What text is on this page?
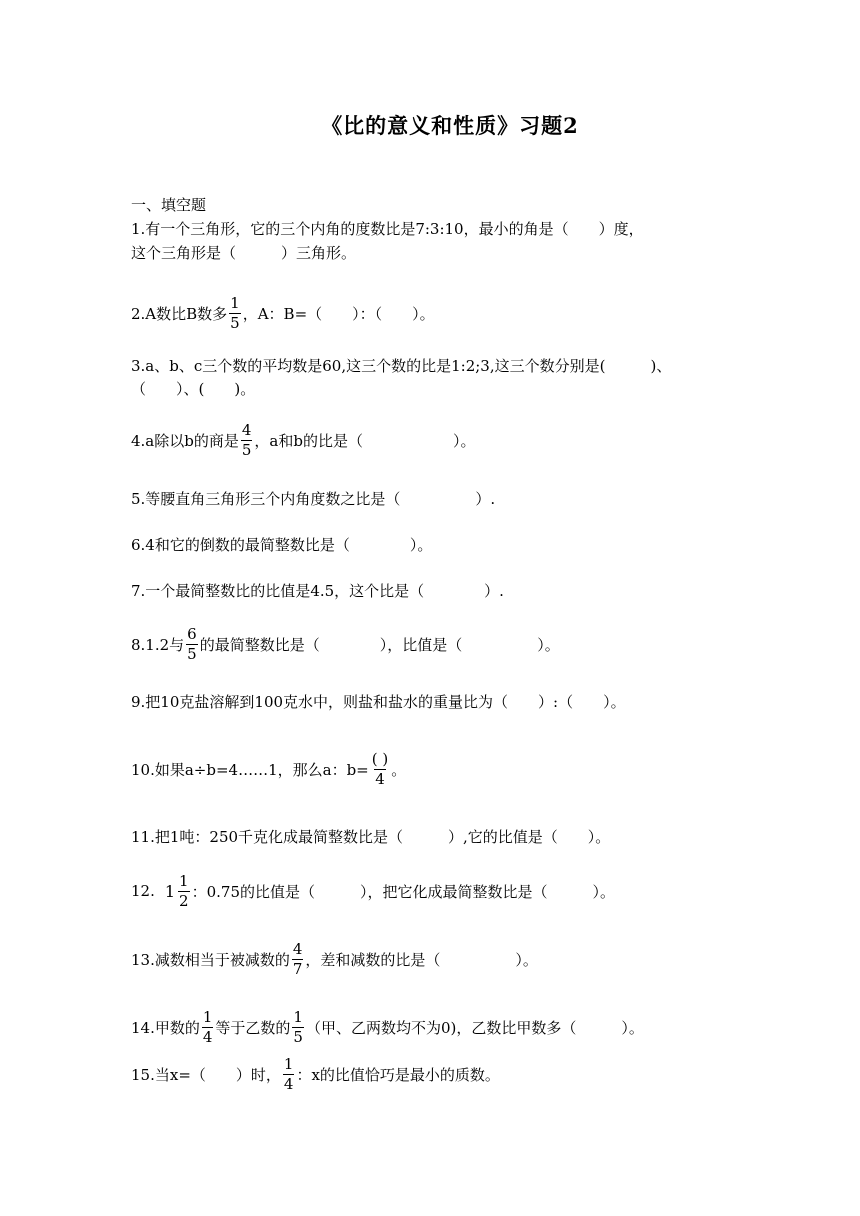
《比的意义和性质》习题2
一、填空题
1.有一个三角形，它的三个内角的度数比是7:3:10，最小的角是（　　）度，
这个三角形是（　　　）三角形。
2.A数比B数多 $\frac{1}{5}$ ，A：B=（　　）：（　　）。
3.a、b、c三个数的平均数是60,这三个数的比是1:2;3,这三个数分别是(　　　)、
（　　）、(　　)。
4.a除以b的商是 $\frac{4}{5}$ ，a和b的比是（　　　　　　）。
5.等腰直角三角形三个内角度数之比是（　　　　　）.
6.4和它的倒数的最简整数比是（　　　　）。
7.一个最简整数比的比值是4.5，这个比是（　　　　）.
8.1.2与 $\frac{6}{5}$ 的最简整数比是（　　　　），比值是（　　　　　）。
9.把10克盐溶解到100克水中，则盐和盐水的重量比为（　　）:（　　）。
10.如果a÷b=4……1，那么a：$b= \frac{( )}{4}$ 。
11.把1吨：250千克化成最简整数比是（　　　）,它的比值是（　　）。
12. $1 \frac{1}{2}$ ：0.75的比值是（　　　），把它化成最简整数比是（　　　）。
13.减数相当于被减数的 $\frac{4}{7}$ ，差和减数的比是（　　　　　）。
14.甲数的 $\frac{1}{4}$ 等于乙数的 $\frac{1}{5}$ （甲、乙两数均不为0)，乙数比甲数多（　　　）。
15.当x=（　　）时， $\frac{1}{4}$ ：x的比值恰巧是最小的质数。
